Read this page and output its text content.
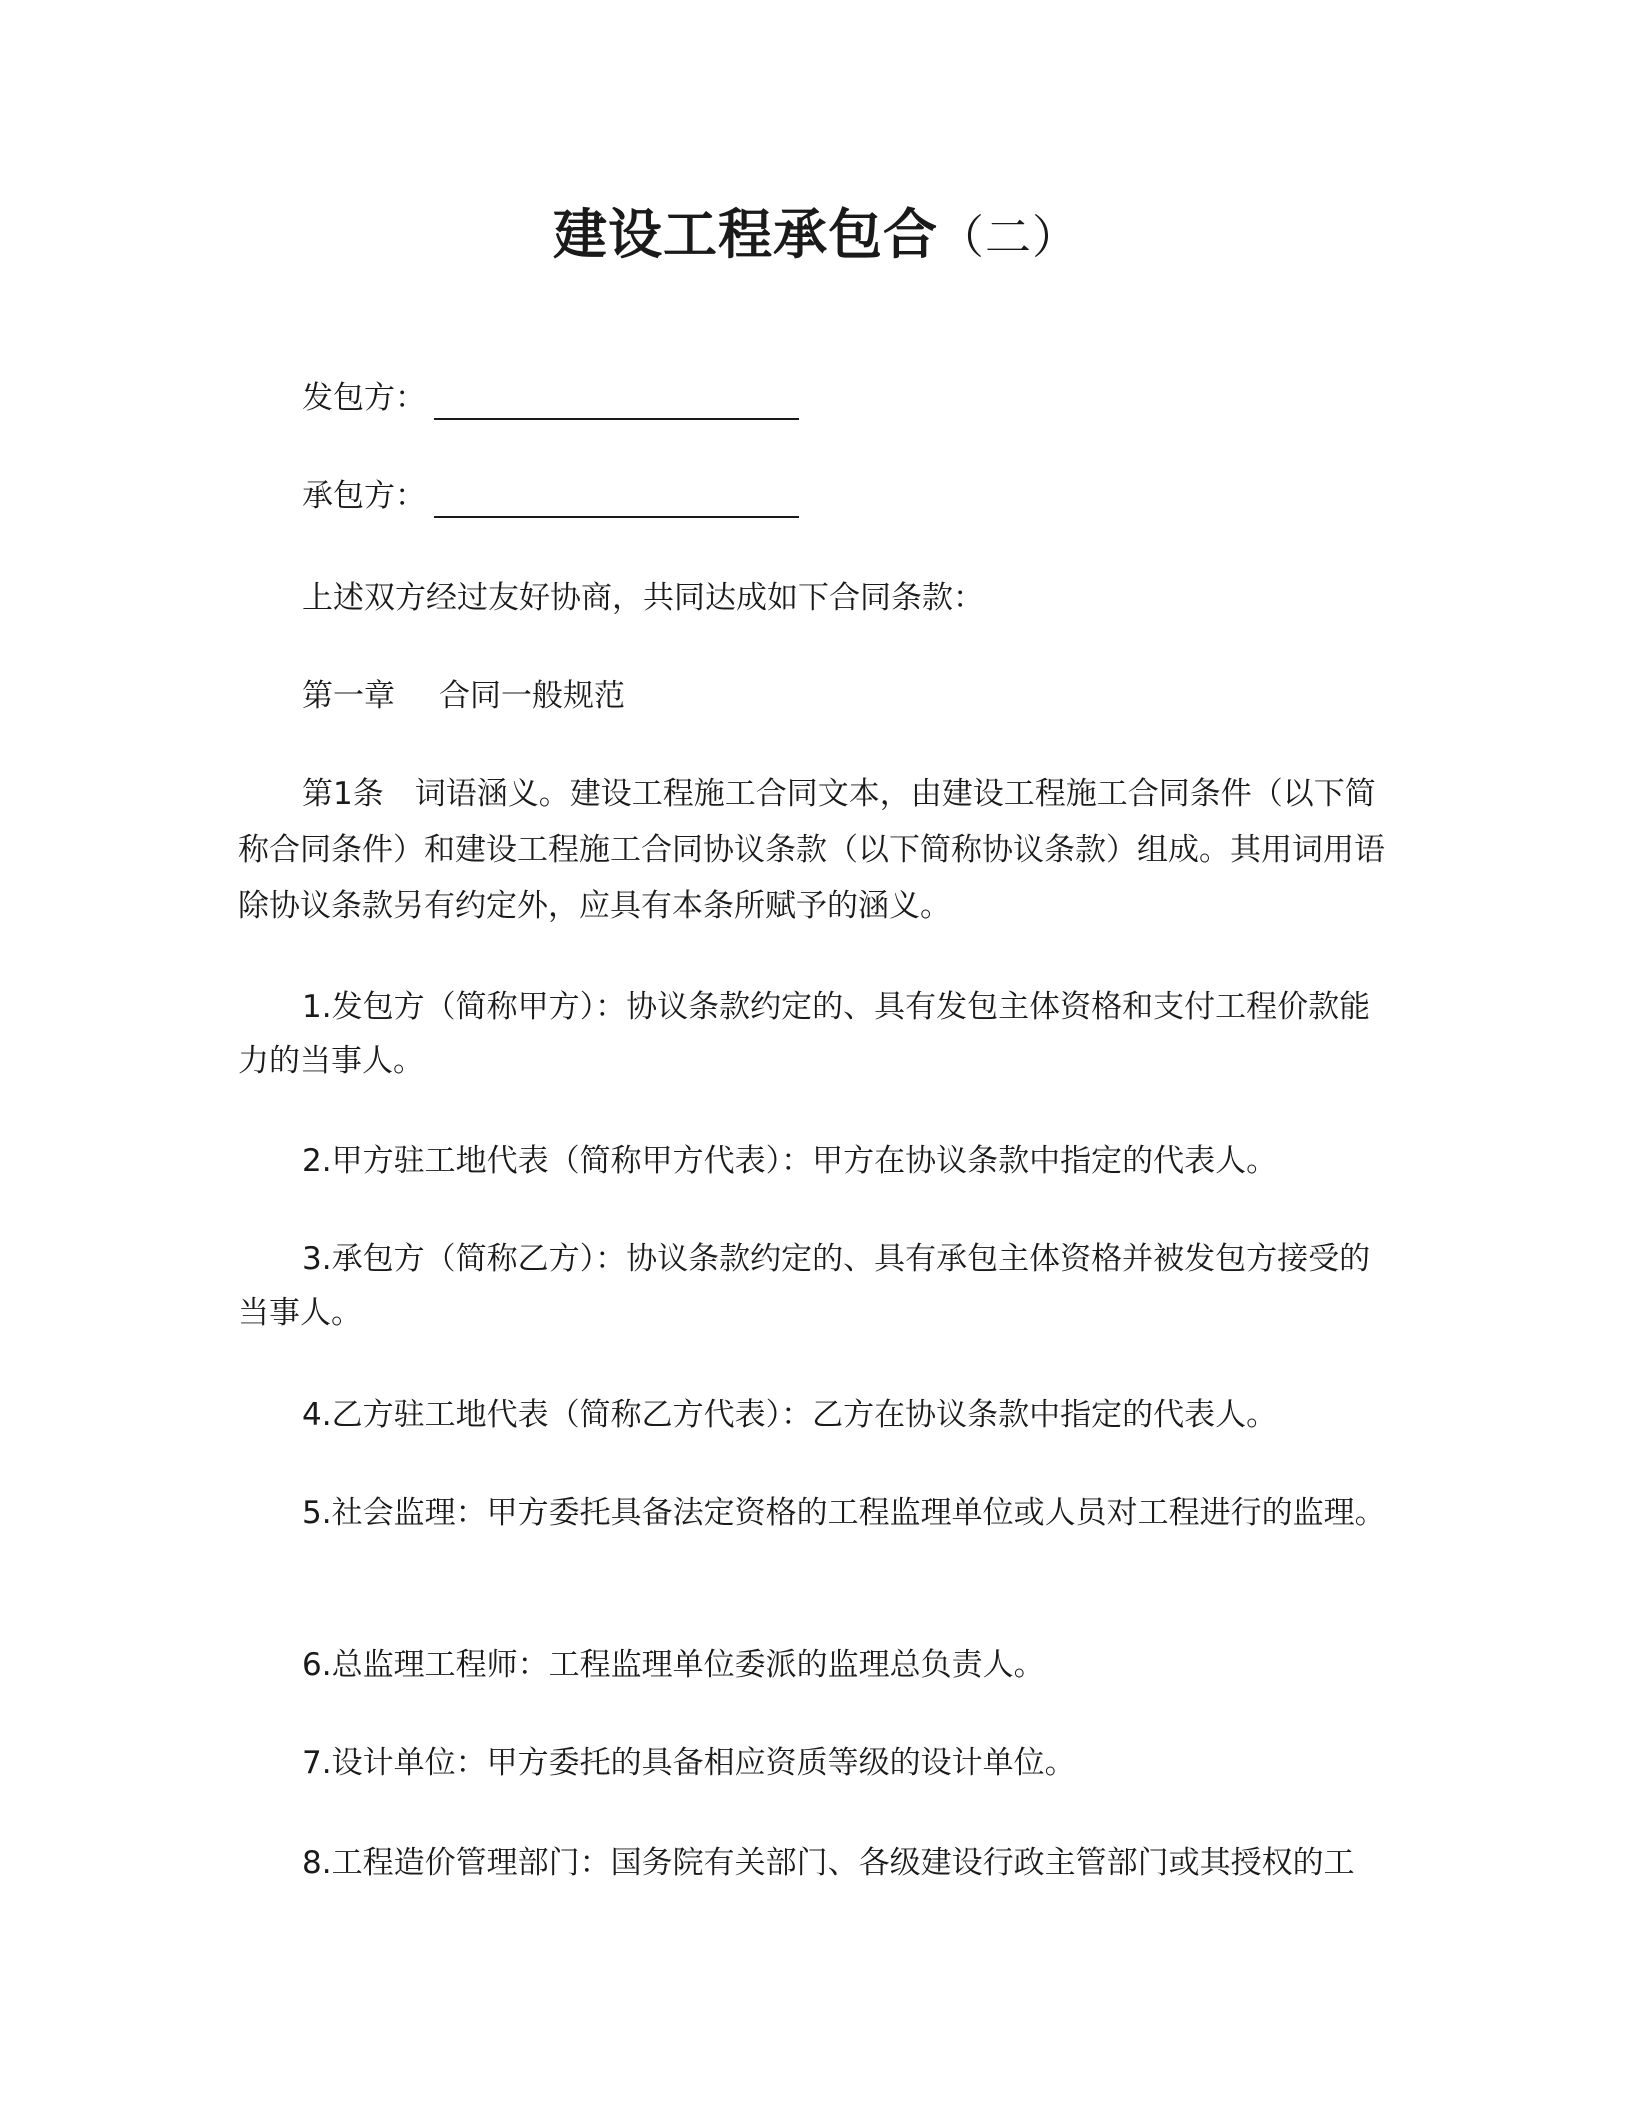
建设工程承包合（二）
发包方：
承包方：
上述双方经过友好协商，共同达成如下合同条款：
第一章 合同一般规范
第1条　词语涵义。建设工程施工合同文本，由建设工程施工合同条件（以下简称合同条件）和建设工程施工合同协议条款（以下简称协议条款）组成。其用词用语除协议条款另有约定外，应具有本条所赋予的涵义。
1.发包方（简称甲方）：协议条款约定的、具有发包主体资格和支付工程价款能力的当事人。
2.甲方驻工地代表（简称甲方代表）：甲方在协议条款中指定的代表人。
3.承包方（简称乙方）：协议条款约定的、具有承包主体资格并被发包方接受的当事人。
4.乙方驻工地代表（简称乙方代表）：乙方在协议条款中指定的代表人。
5.社会监理：甲方委托具备法定资格的工程监理单位或人员对工程进行的监理。
6.总监理工程师：工程监理单位委派的监理总负责人。
7.设计单位：甲方委托的具备相应资质等级的设计单位。
8.工程造价管理部门：国务院有关部门、各级建设行政主管部门或其授权的工
